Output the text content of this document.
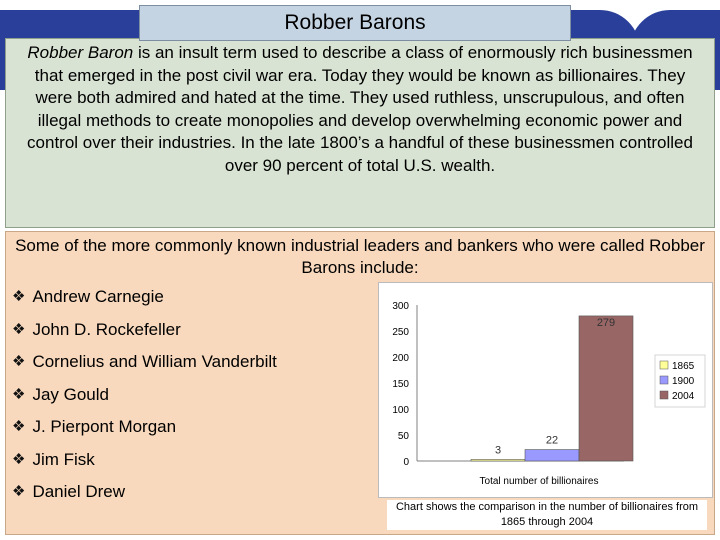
Robber Barons
Robber Baron is an insult term used to describe a class of enormously rich businessmen that emerged in the post civil war era. Today they would be known as billionaires. They were both admired and hated at the time. They used ruthless, unscrupulous, and often illegal methods to create monopolies and develop overwhelming economic power and control over their industries. In the late 1800’s a handful of these businessmen controlled over 90 percent of total U.S. wealth.
Some of the more commonly known industrial leaders and bankers who were called Robber Barons include:
❖ Andrew Carnegie
❖ John D. Rockefeller
❖ Cornelius and William Vanderbilt
❖ Jay Gould
❖ J. Pierpont Morgan
❖ Jim Fisk
❖ Daniel Drew
0
50
100
150
200
250
300
3
22
279
Total number of billionaires
1865
1900
2004
Chart shows the comparison in the number of billionaires from 1865 through 2004
